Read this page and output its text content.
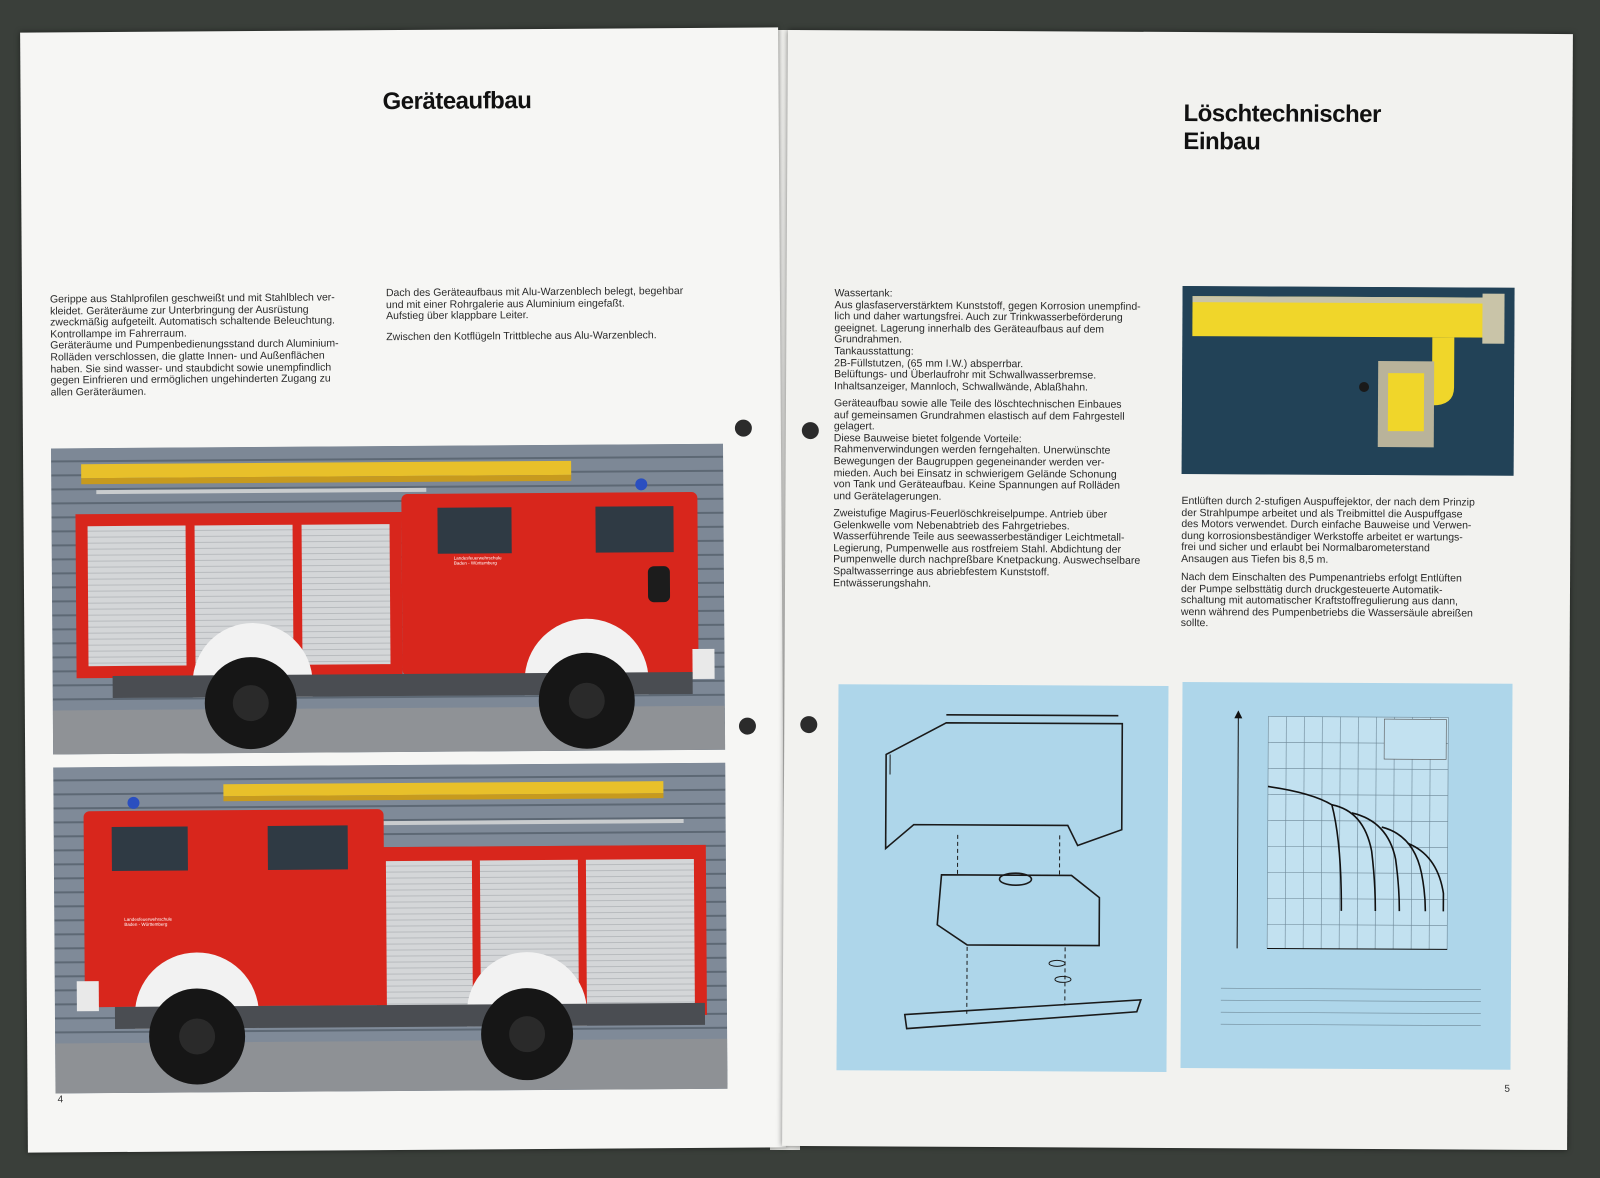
Geräteaufbau
Gerippe aus Stahlprofilen geschweißt und mit Stahlblech ver-
kleidet. Geräteräume zur Unterbringung der Ausrüstung
zweckmäßig aufgeteilt. Automatisch schaltende Beleuchtung.
Kontrollampe im Fahrerraum.
Geräteräume und Pumpenbedienungsstand durch Aluminium-
Rolläden verschlossen, die glatte Innen- und Außenflächen
haben. Sie sind wasser- und staubdicht sowie unempfindlich
gegen Einfrieren und ermöglichen ungehinderten Zugang zu
allen Geräteräumen.
Dach des Geräteaufbaus mit Alu-Warzenblech belegt, begehbar
und mit einer Rohrgalerie aus Aluminium eingefaßt.
Aufstieg über klappbare Leiter.
Zwischen den Kotflügeln Trittbleche aus Alu-Warzenblech.
Landesfeuerwehrschule
Baden - Württemberg
Landesfeuerwehrschule
Baden - Württemberg
4
Löschtechnischer
Einbau
Wassertank:
Aus glasfaserverstärktem Kunststoff, gegen Korrosion unempfind-
lich und daher wartungsfrei. Auch zur Trinkwasserbeförderung
geeignet. Lagerung innerhalb des Geräteaufbaus auf dem
Grundrahmen.
Tankausstattung:
2B-Füllstutzen, (65 mm I.W.) absperrbar.
Belüftungs- und Überlaufrohr mit Schwallwasserbremse.
Inhaltsanzeiger, Mannloch, Schwallwände, Ablaßhahn.
Geräteaufbau sowie alle Teile des löschtechnischen Einbaues
auf gemeinsamen Grundrahmen elastisch auf dem Fahrgestell
gelagert.
Diese Bauweise bietet folgende Vorteile:
Rahmenverwindungen werden ferngehalten. Unerwünschte
Bewegungen der Baugruppen gegeneinander werden ver-
mieden. Auch bei Einsatz in schwierigem Gelände Schonung
von Tank und Geräteaufbau. Keine Spannungen auf Rolläden
und Gerätelagerungen.
Zweistufige Magirus-Feuerlöschkreiselpumpe. Antrieb über
Gelenkwelle vom Nebenabtrieb des Fahrgetriebes.
Wasserführende Teile aus seewasserbeständiger Leichtmetall-
Legierung, Pumpenwelle aus rostfreiem Stahl. Abdichtung der
Pumpenwelle durch nachpreßbare Knetpackung. Auswechselbare
Spaltwasserringe aus abriebfestem Kunststoff.
Entwässerungshahn.
Entlüften durch 2-stufigen Auspuffejektor, der nach dem Prinzip
der Strahlpumpe arbeitet und als Treibmittel die Auspuffgase
des Motors verwendet. Durch einfache Bauweise und Verwen-
dung korrosionsbeständiger Werkstoffe arbeitet er wartungs-
frei und sicher und erlaubt bei Normalbarometerstand
Ansaugen aus Tiefen bis 8,5 m.
Nach dem Einschalten des Pumpenantriebs erfolgt Entlüften
der Pumpe selbsttätig durch druckgesteuerte Automatik-
schaltung mit automatischer Kraftstoffregulierung aus dann,
wenn während des Pumpenbetriebs die Wassersäule abreißen
sollte.
5
